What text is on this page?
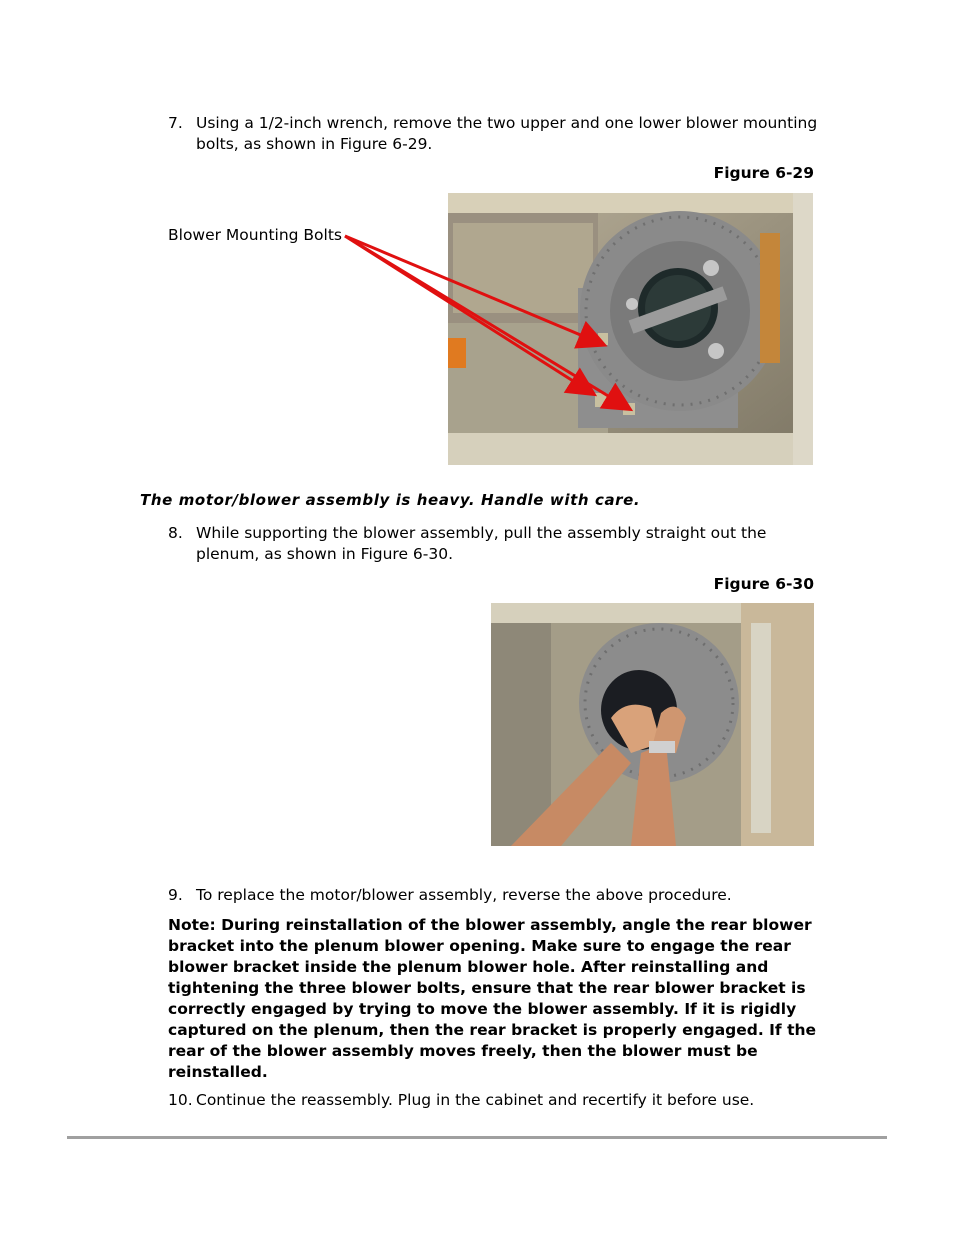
7. Using a 1/2-inch wrench, remove the two upper and one lower blower mounting bolts, as shown in Figure 6-29.
Figure 6-29
Blower Mounting Bolts
The motor/blower assembly is heavy. Handle with care.
8. While supporting the blower assembly, pull the assembly straight out the plenum, as shown in Figure 6-30.
Figure 6-30
9. To replace the motor/blower assembly, reverse the above procedure.
Note: During reinstallation of the blower assembly, angle the rear blower bracket into the plenum blower opening. Make sure to engage the rear blower bracket inside the plenum blower hole. After reinstalling and tightening the three blower bolts, ensure that the rear blower bracket is correctly engaged by trying to move the blower assembly. If it is rigidly captured on the plenum, then the rear bracket is properly engaged. If the rear of the blower assembly moves freely, then the blower must be reinstalled.
10. Continue the reassembly. Plug in the cabinet and recertify it before use.
